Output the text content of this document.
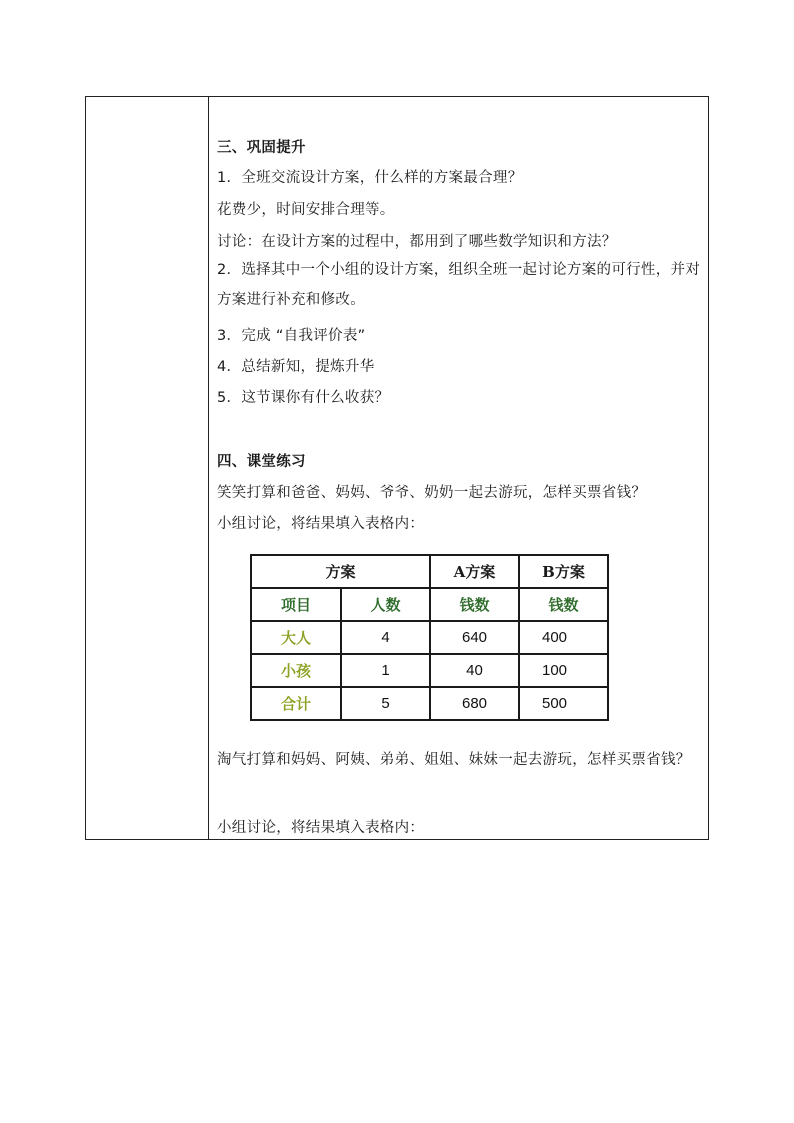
三、巩固提升
1．全班交流设计方案，什么样的方案最合理？
花费少，时间安排合理等。
讨论：在设计方案的过程中，都用到了哪些数学知识和方法？
2．选择其中一个小组的设计方案，组织全班一起讨论方案的可行性，并对方案进行补充和修改。
3．完成 “自我评价表”
4．总结新知，提炼升华
5．这节课你有什么收获？
四、课堂练习
笑笑打算和爸爸、妈妈、爷爷、奶奶一起去游玩，怎样买票省钱？
小组讨论，将结果填入表格内：
淘气打算和妈妈、阿姨、弟弟、姐姐、妹妹一起去游玩，怎样买票省钱？
小组讨论，将结果填入表格内：
方案		A方案	B方案
项目	人数	钱数	钱数
大人	4	640	400
小孩	1	40	100
合计	5	680	500
